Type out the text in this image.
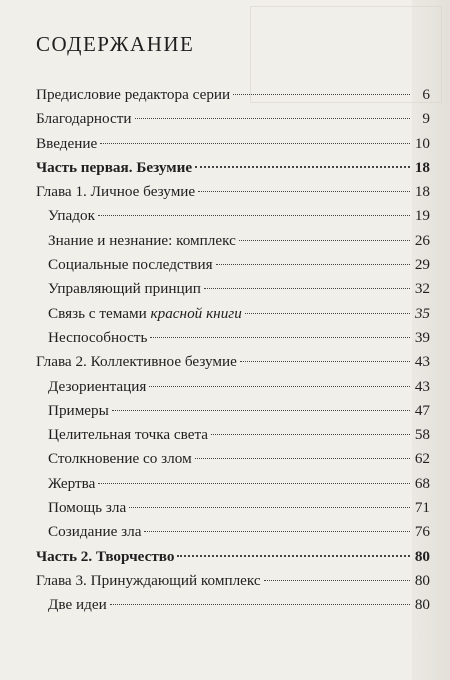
СОДЕРЖАНИЕ
Предисловие редактора серии	6
Благодарности	9
Введение	10
Часть первая. Безумие	18
Глава 1. Личное безумие	18
Упадок	19
Знание и незнание: комплекс	26
Социальные последствия	29
Управляющий принцип	32
Связь с темами красной книги	35
Неспособность	39
Глава 2. Коллективное безумие	43
Дезориентация	43
Примеры	47
Целительная точка света	58
Столкновение со злом	62
Жертва	68
Помощь зла	71
Созидание зла	76
Часть 2. Творчество	80
Глава 3. Принуждающий комплекс	80
Две идеи	80
